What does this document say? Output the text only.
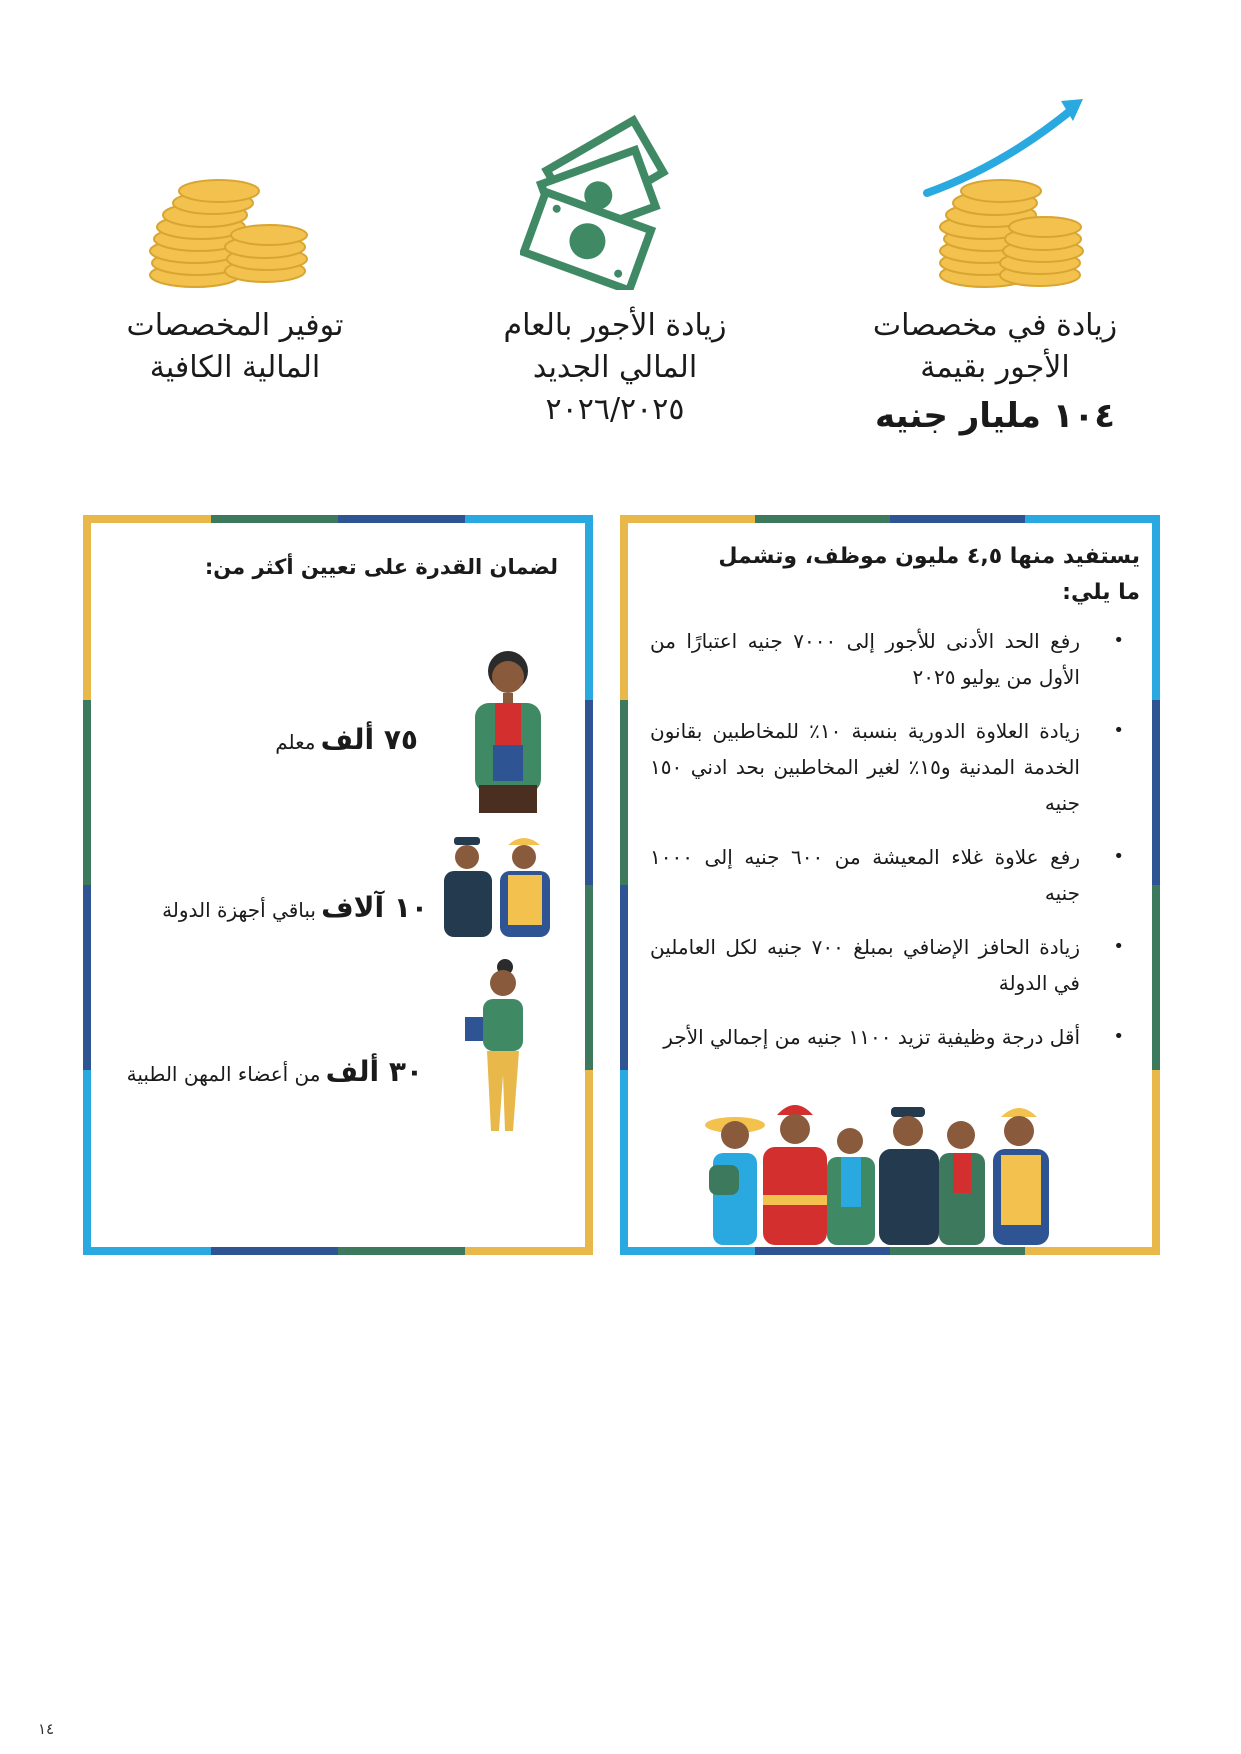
زيادة في مخصصات
الأجور بقيمة
١٠٤ مليار جنيه
زيادة الأجور بالعام
المالي الجديد
٢٠٢٦/٢٠٢٥
توفير المخصصات
المالية الكافية
يستفيد منها ٤,٥ مليون موظف، وتشمل
ما يلي:
•
رفع الحد الأدنى للأجور إلى ٧٠٠٠ جنيه اعتبارًا من الأول من يوليو ٢٠٢٥
•
زيادة العلاوة الدورية بنسبة ١٠٪ للمخاطبين بقانون الخدمة المدنية و١٥٪ لغير المخاطبين بحد ادني ١٥٠ جنيه
•
رفع علاوة غلاء المعيشة من ٦٠٠ جنيه إلى ١٠٠٠ جنيه
•
زيادة الحافز الإضافي بمبلغ ٧٠٠ جنيه لكل العاملين في الدولة
•
أقل درجة وظيفية تزيد ١١٠٠ جنيه من إجمالي الأجر
لضمان القدرة على تعيين أكثر من:
٧٥ ألف معلم
١٠ آلاف بباقي أجهزة الدولة
٣٠ ألف من أعضاء المهن الطبية
١٤
